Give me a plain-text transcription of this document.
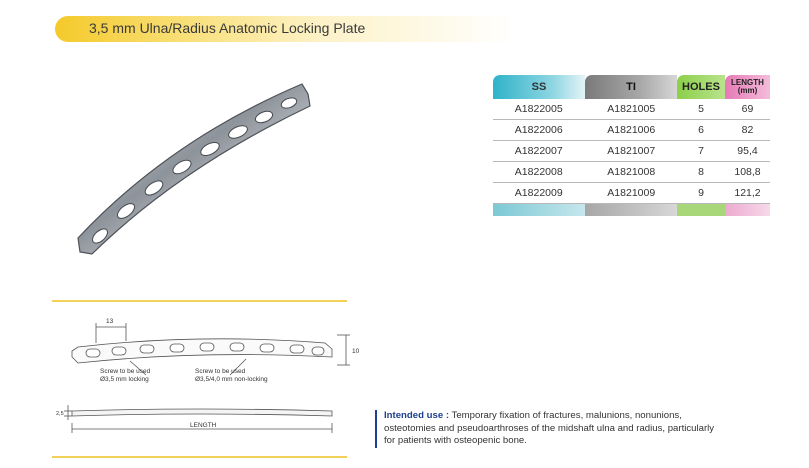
3,5 mm Ulna/Radius Anatomic Locking Plate
SS	TI	HOLES	LENGTH
(mm)

A1822005	A1821005	5	69
A1822006	A1821006	6	82
A1822007	A1821007	7	95,4
A1822008	A1821008	8	108,8
A1822009	A1821009	9	121,2

13
10
2,5
LENGTH
Screw to be used
Ø3,5 mm locking
Screw to be used
Ø3,5/4,0 mm non-locking
Intended use : Temporary fixation of fractures, malunions, nonunions, osteotomies and pseudoarthroses of the midshaft ulna and radius, particularly for patients with osteopenic bone.
